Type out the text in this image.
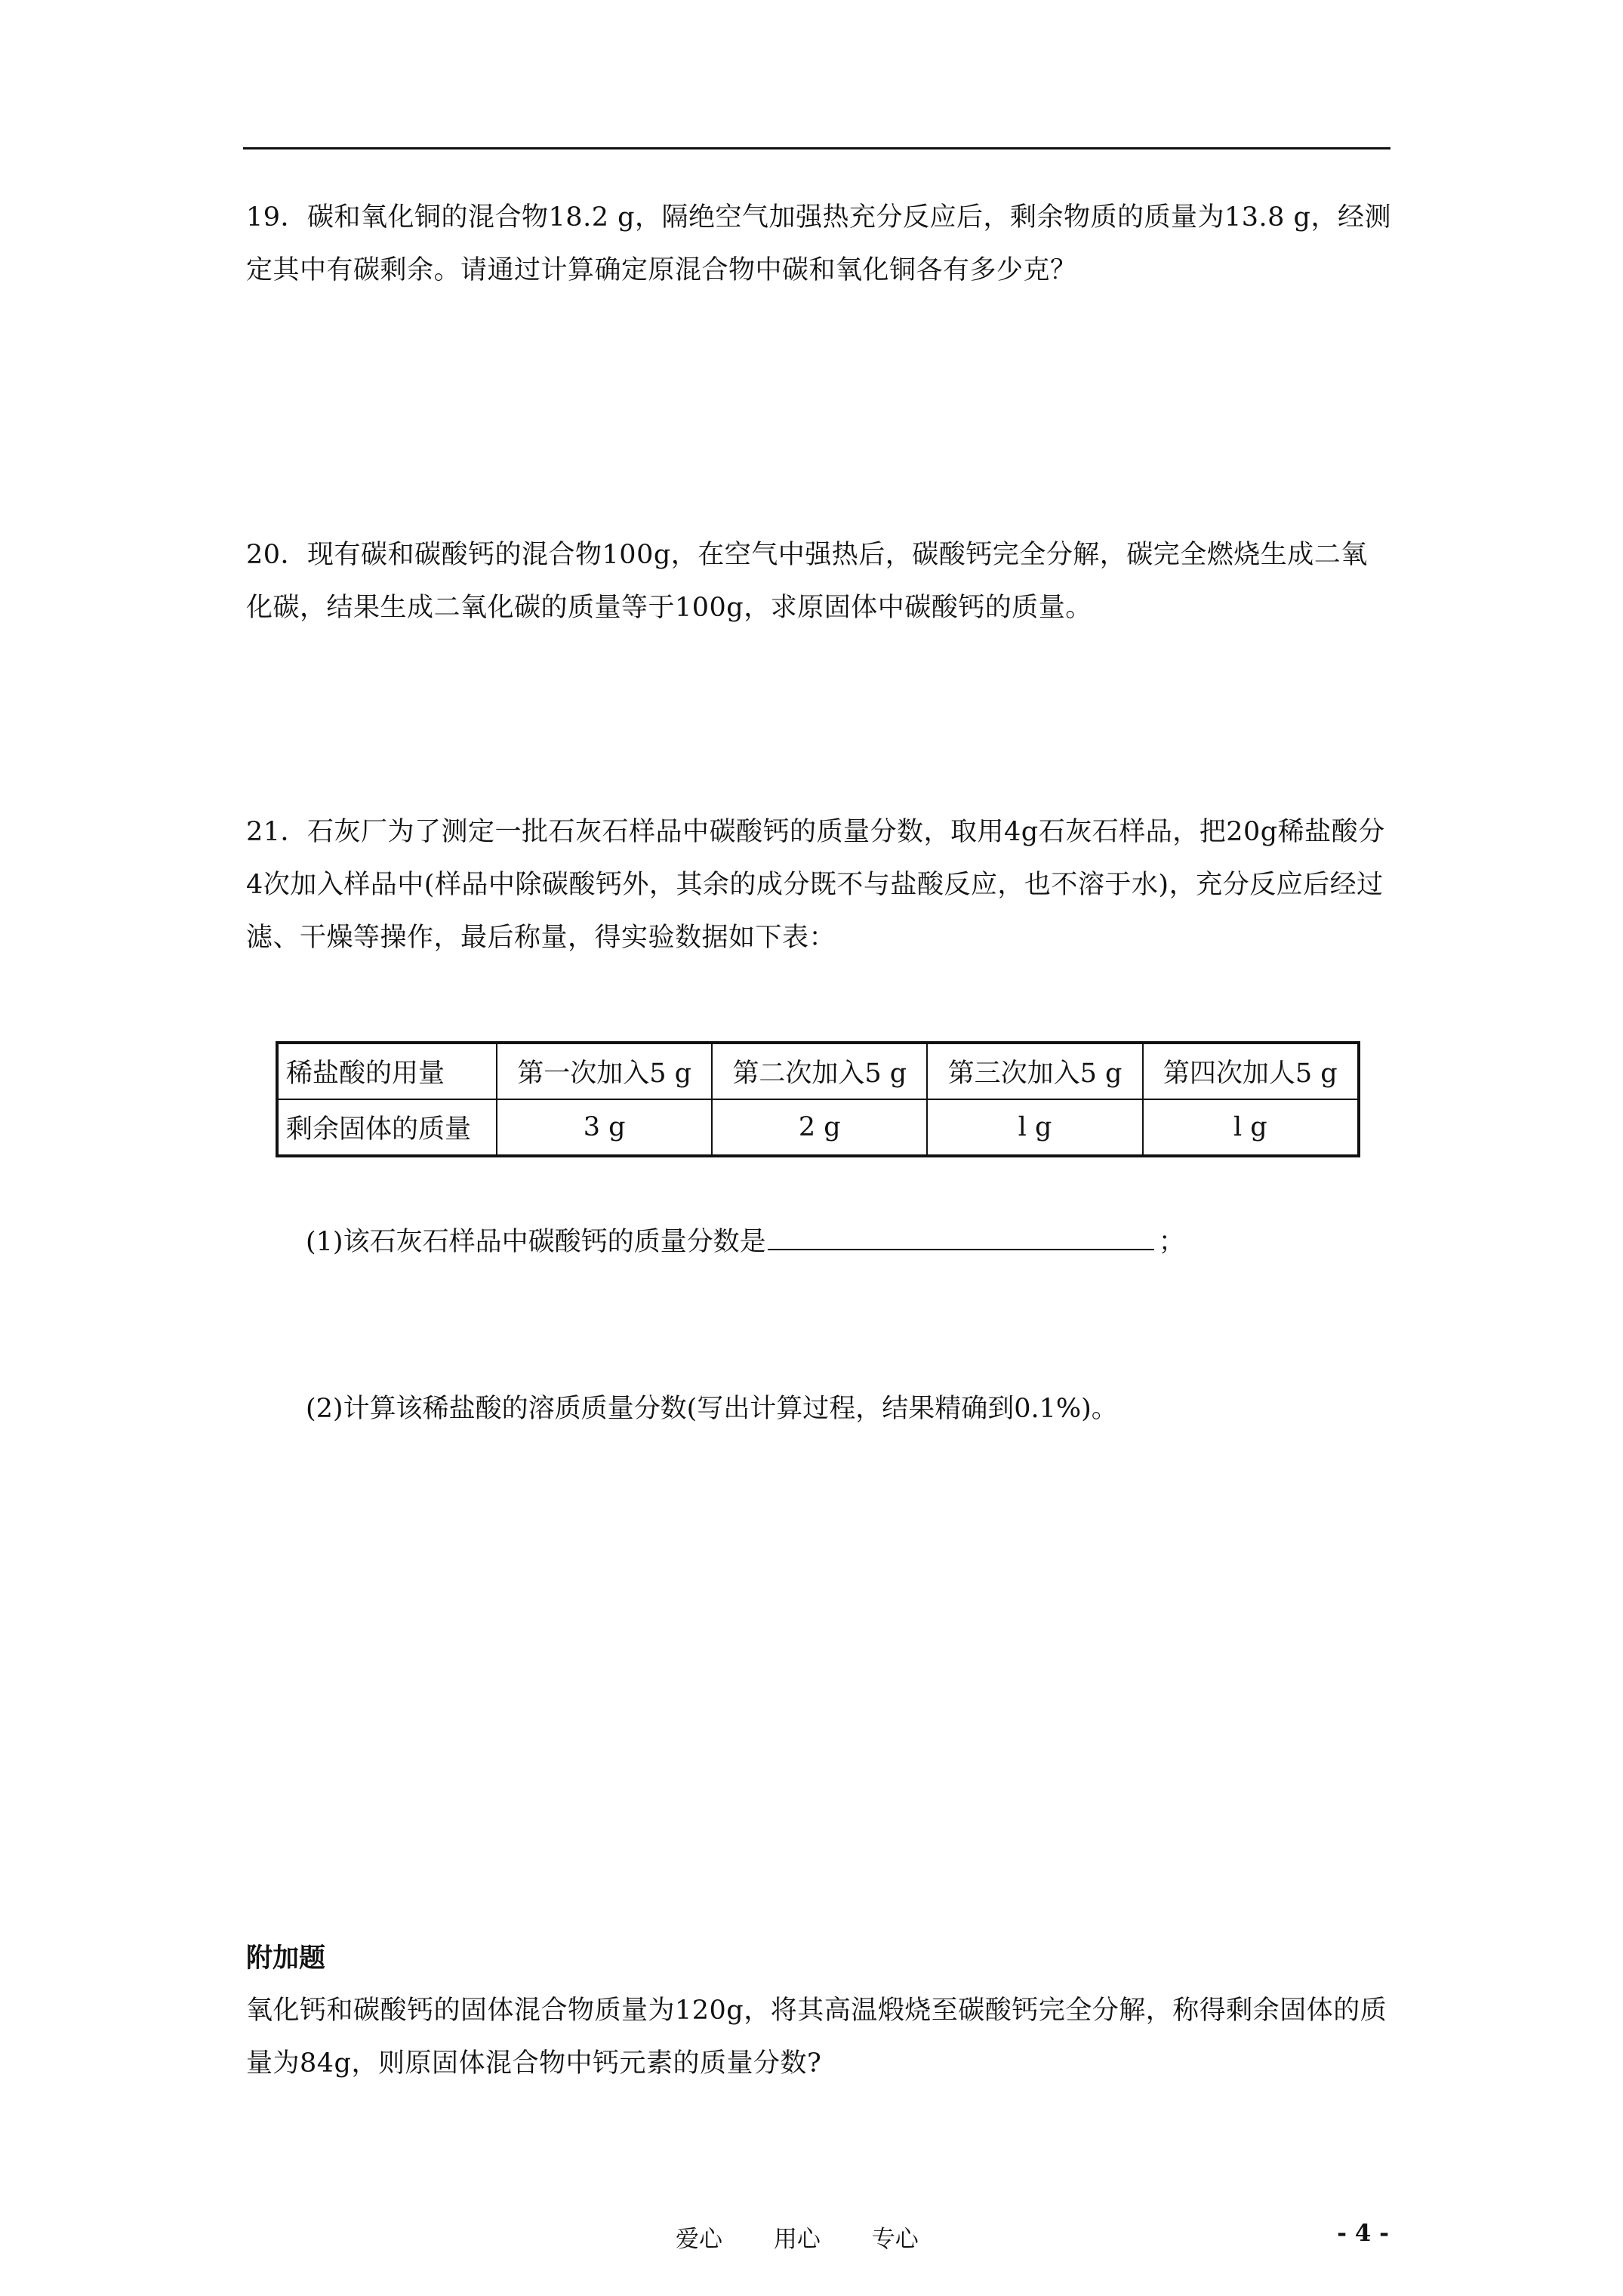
19．碳和氧化铜的混合物18.2 g，隔绝空气加强热充分反应后，剩余物质的质量为13.8 g，经测定其中有碳剩余。请通过计算确定原混合物中碳和氧化铜各有多少克？

20．现有碳和碳酸钙的混合物100g，在空气中强热后，碳酸钙完全分解，碳完全燃烧生成二氧化碳，结果生成二氧化碳的质量等于100g，求原固体中碳酸钙的质量。

21．石灰厂为了测定一批石灰石样品中碳酸钙的质量分数，取用4g石灰石样品，把20g稀盐酸分4次加入样品中(样品中除碳酸钙外，其余的成分既不与盐酸反应，也不溶于水)，充分反应后经过滤、干燥等操作，最后称量，得实验数据如下表：

稀盐酸的用量	第一次加入5 g	第二次加入5 g	第三次加入5 g	第四次加人5 g
剩余固体的质量	3 g	2 g	l g	l g

(1)该石灰石样品中碳酸钙的质量分数是	；

(2)计算该稀盐酸的溶质质量分数(写出计算过程，结果精确到0.1%)。

附加题

氧化钙和碳酸钙的固体混合物质量为120g，将其高温煅烧至碳酸钙完全分解，称得剩余固体的质量为84g，则原固体混合物中钙元素的质量分数?

爱心 用心 专心	- 4 -
